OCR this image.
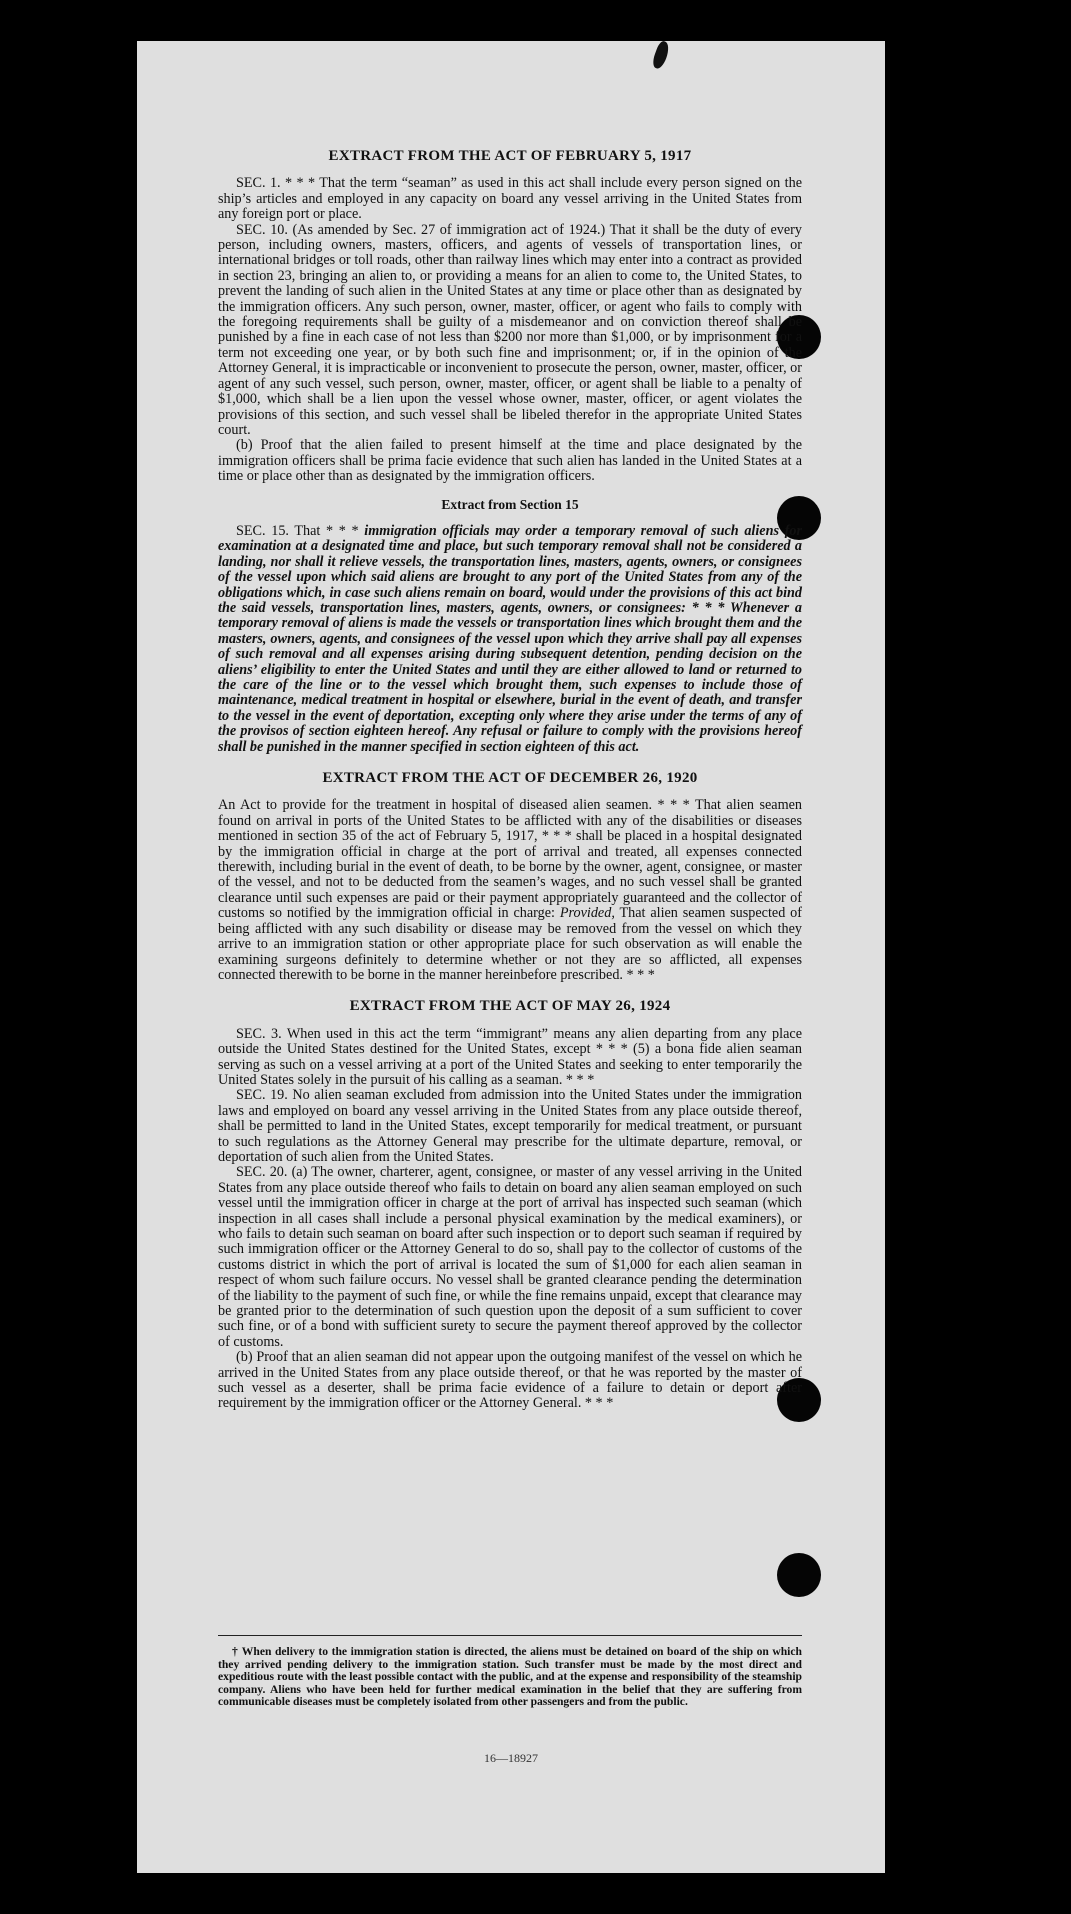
EXTRACT FROM THE ACT OF FEBRUARY 5, 1917

SEC. 1. * * * That the term “seaman” as used in this act shall include every person signed on the ship’s articles and employed in any capacity on board any vessel arriving in the United States from any foreign port or place.

SEC. 10. (As amended by Sec. 27 of immigration act of 1924.) That it shall be the duty of every person, including owners, masters, officers, and agents of vessels of transportation lines, or international bridges or toll roads, other than railway lines which may enter into a contract as provided in section 23, bringing an alien to, or providing a means for an alien to come to, the United States, to prevent the landing of such alien in the United States at any time or place other than as designated by the immigration officers. Any such person, owner, master, officer, or agent who fails to comply with the foregoing requirements shall be guilty of a misdemeanor and on conviction thereof shall be punished by a fine in each case of not less than $200 nor more than $1,000, or by imprisonment for a term not exceeding one year, or by both such fine and imprisonment; or, if in the opinion of the Attorney General, it is impracticable or inconvenient to prosecute the person, owner, master, officer, or agent of any such vessel, such person, owner, master, officer, or agent shall be liable to a penalty of $1,000, which shall be a lien upon the vessel whose owner, master, officer, or agent violates the provisions of this section, and such vessel shall be libeled therefor in the appropriate United States court.

(b) Proof that the alien failed to present himself at the time and place designated by the immigration officers shall be prima facie evidence that such alien has landed in the United States at a time or place other than as designated by the immigration officers.

Extract from Section 15

SEC. 15. That * * * immigration officials may order a temporary removal of such aliens for examination at a designated time and place, but such temporary removal shall not be considered a landing, nor shall it relieve vessels, the transportation lines, masters, agents, owners, or consignees of the vessel upon which said aliens are brought to any port of the United States from any of the obligations which, in case such aliens remain on board, would under the provisions of this act bind the said vessels, transportation lines, masters, agents, owners, or consignees: * * * Whenever a temporary removal of aliens is made the vessels or transportation lines which brought them and the masters, owners, agents, and consignees of the vessel upon which they arrive shall pay all expenses of such removal and all expenses arising during subsequent detention, pending decision on the aliens’ eligibility to enter the United States and until they are either allowed to land or returned to the care of the line or to the vessel which brought them, such expenses to include those of maintenance, medical treatment in hospital or elsewhere, burial in the event of death, and transfer to the vessel in the event of deportation, excepting only where they arise under the terms of any of the provisos of section eighteen hereof. Any refusal or failure to comply with the provisions hereof shall be punished in the manner specified in section eighteen of this act.

EXTRACT FROM THE ACT OF DECEMBER 26, 1920

An Act to provide for the treatment in hospital of diseased alien seamen. * * * That alien seamen found on arrival in ports of the United States to be afflicted with any of the disabilities or diseases mentioned in section 35 of the act of February 5, 1917, * * * shall be placed in a hospital designated by the immigration official in charge at the port of arrival and treated, all expenses connected therewith, including burial in the event of death, to be borne by the owner, agent, consignee, or master of the vessel, and not to be deducted from the seamen’s wages, and no such vessel shall be granted clearance until such expenses are paid or their payment appropriately guaranteed and the collector of customs so notified by the immigration official in charge: Provided, That alien seamen suspected of being afflicted with any such disability or disease may be removed from the vessel on which they arrive to an immigration station or other appropriate place for such observation as will enable the examining surgeons definitely to determine whether or not they are so afflicted, all expenses connected therewith to be borne in the manner hereinbefore prescribed. * * *

EXTRACT FROM THE ACT OF MAY 26, 1924

SEC. 3. When used in this act the term “immigrant” means any alien departing from any place outside the United States destined for the United States, except * * * (5) a bona fide alien seaman serving as such on a vessel arriving at a port of the United States and seeking to enter temporarily the United States solely in the pursuit of his calling as a seaman. * * *

SEC. 19. No alien seaman excluded from admission into the United States under the immigration laws and employed on board any vessel arriving in the United States from any place outside thereof, shall be permitted to land in the United States, except temporarily for medical treatment, or pursuant to such regulations as the Attorney General may prescribe for the ultimate departure, removal, or deportation of such alien from the United States.

SEC. 20. (a) The owner, charterer, agent, consignee, or master of any vessel arriving in the United States from any place outside thereof who fails to detain on board any alien seaman employed on such vessel until the immigration officer in charge at the port of arrival has inspected such seaman (which inspection in all cases shall include a personal physical examination by the medical examiners), or who fails to detain such seaman on board after such inspection or to deport such seaman if required by such immigration officer or the Attorney General to do so, shall pay to the collector of customs of the customs district in which the port of arrival is located the sum of $1,000 for each alien seaman in respect of whom such failure occurs. No vessel shall be granted clearance pending the determination of the liability to the payment of such fine, or while the fine remains unpaid, except that clearance may be granted prior to the determination of such question upon the deposit of a sum sufficient to cover such fine, or of a bond with sufficient surety to secure the payment thereof approved by the collector of customs.

(b) Proof that an alien seaman did not appear upon the outgoing manifest of the vessel on which he arrived in the United States from any place outside thereof, or that he was reported by the master of such vessel as a deserter, shall be prima facie evidence of a failure to detain or deport after requirement by the immigration officer or the Attorney General. * * *

† When delivery to the immigration station is directed, the aliens must be detained on board of the ship on which they arrived pending delivery to the immigration station. Such transfer must be made by the most direct and expeditious route with the least possible contact with the public, and at the expense and responsibility of the steamship company. Aliens who have been held for further medical examination in the belief that they are suffering from communicable diseases must be completely isolated from other passengers and from the public.

16—18927
